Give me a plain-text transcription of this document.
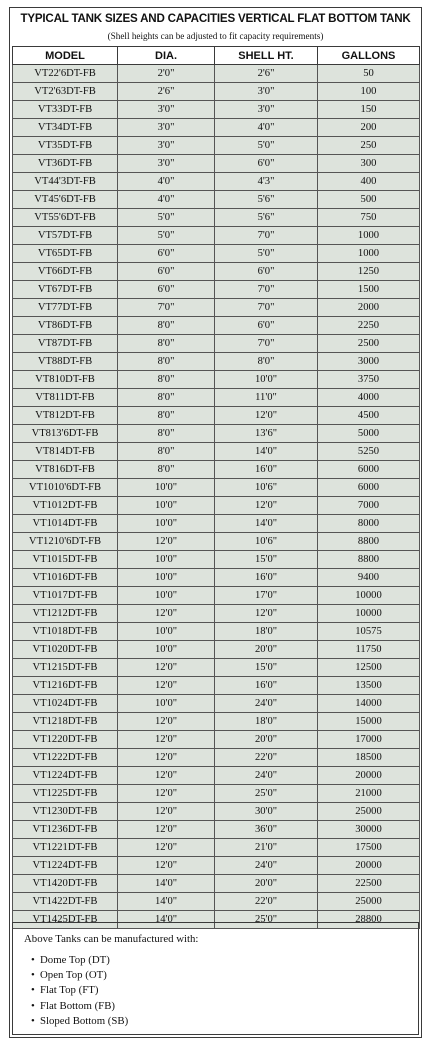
TYPICAL TANK SIZES AND CAPACITIES VERTICAL FLAT BOTTOM TANK
(Shell heights can be adjusted to fit capacity requirements)
MODEL	DIA.	SHELL HT.	GALLONS
VT22'6DT-FB	2'0"	2'6"	50
VT2'63DT-FB	2'6"	3'0"	100
VT33DT-FB	3'0"	3'0"	150
VT34DT-FB	3'0"	4'0"	200
VT35DT-FB	3'0"	5'0"	250
VT36DT-FB	3'0"	6'0"	300
VT44'3DT-FB	4'0"	4'3"	400
VT45'6DT-FB	4'0"	5'6"	500
VT55'6DT-FB	5'0"	5'6"	750
VT57DT-FB	5'0"	7'0"	1000
VT65DT-FB	6'0"	5'0"	1000
VT66DT-FB	6'0"	6'0"	1250
VT67DT-FB	6'0"	7'0"	1500
VT77DT-FB	7'0"	7'0"	2000
VT86DT-FB	8'0"	6'0"	2250
VT87DT-FB	8'0"	7'0"	2500
VT88DT-FB	8'0"	8'0"	3000
VT810DT-FB	8'0"	10'0"	3750
VT811DT-FB	8'0"	11'0"	4000
VT812DT-FB	8'0"	12'0"	4500
VT813'6DT-FB	8'0"	13'6"	5000
VT814DT-FB	8'0"	14'0"	5250
VT816DT-FB	8'0"	16'0"	6000
VT1010'6DT-FB	10'0"	10'6"	6000
VT1012DT-FB	10'0"	12'0"	7000
VT1014DT-FB	10'0"	14'0"	8000
VT1210'6DT-FB	12'0"	10'6"	8800
VT1015DT-FB	10'0"	15'0"	8800
VT1016DT-FB	10'0"	16'0"	9400
VT1017DT-FB	10'0"	17'0"	10000
VT1212DT-FB	12'0"	12'0"	10000
VT1018DT-FB	10'0"	18'0"	10575
VT1020DT-FB	10'0"	20'0"	11750
VT1215DT-FB	12'0"	15'0"	12500
VT1216DT-FB	12'0"	16'0"	13500
VT1024DT-FB	10'0"	24'0"	14000
VT1218DT-FB	12'0"	18'0"	15000
VT1220DT-FB	12'0"	20'0"	17000
VT1222DT-FB	12'0"	22'0"	18500
VT1224DT-FB	12'0"	24'0"	20000
VT1225DT-FB	12'0"	25'0"	21000
VT1230DT-FB	12'0"	30'0"	25000
VT1236DT-FB	12'0"	36'0"	30000
VT1221DT-FB	12'0"	21'0"	17500
VT1224DT-FB	12'0"	24'0"	20000
VT1420DT-FB	14'0"	20'0"	22500
VT1422DT-FB	14'0"	22'0"	25000
VT1425DT-FB	14'0"	25'0"	28800
Above Tanks can be manufactured with:
• Dome Top (DT)
• Open Top (OT)
• Flat Top (FT)
• Flat Bottom (FB)
• Sloped Bottom (SB)
